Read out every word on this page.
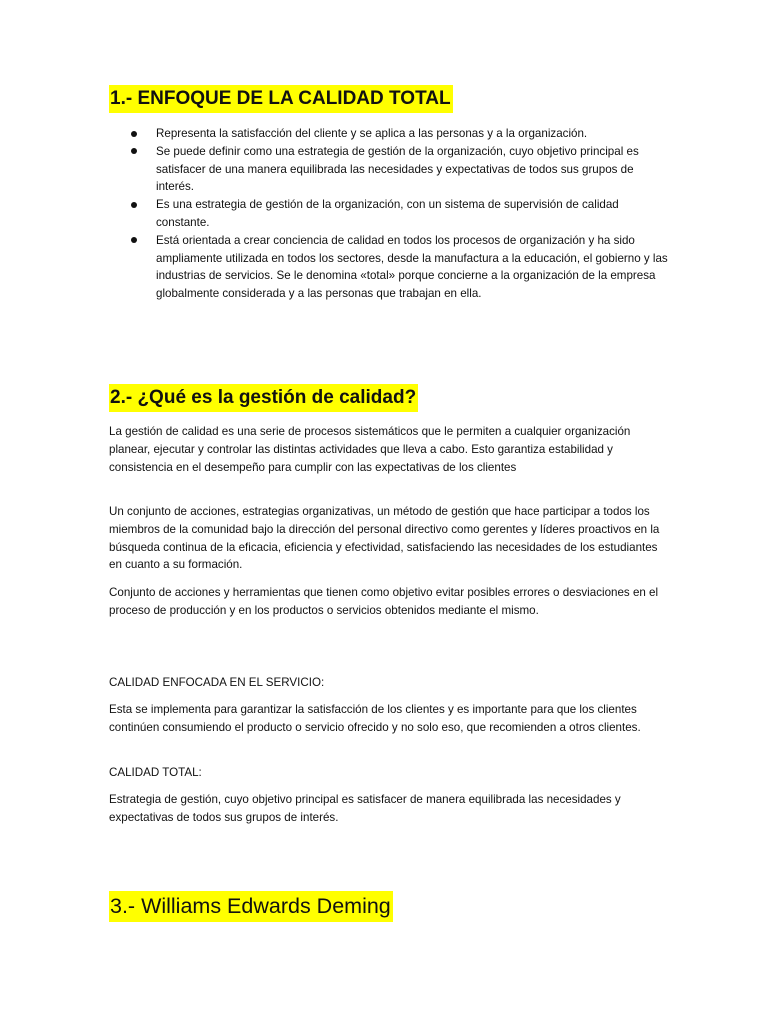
1.- ENFOQUE DE LA CALIDAD TOTAL
Representa la satisfacción del cliente y se aplica a las personas y a la organización.
Se puede definir como una estrategia de gestión de la organización, cuyo objetivo principal es satisfacer de una manera equilibrada las necesidades y expectativas de todos sus grupos de interés.
Es una estrategia de gestión de la organización, con un sistema de supervisión de calidad constante.
Está orientada a crear conciencia de calidad en todos los procesos de organización y ha sido ampliamente utilizada en todos los sectores, desde la manufactura a la educación, el gobierno y las industrias de servicios. Se le denomina «total» porque concierne a la organización de la empresa globalmente considerada y a las personas que trabajan en ella.
2.- ¿Qué es la gestión de calidad?

La gestión de calidad es una serie de procesos sistemáticos que le permiten a cualquier organización planear, ejecutar y controlar las distintas actividades que lleva a cabo. Esto garantiza estabilidad y consistencia en el desempeño para cumplir con las expectativas de los clientes

Un conjunto de acciones, estrategias organizativas, un método de gestión que hace participar a todos los miembros de la comunidad bajo la dirección del personal directivo como gerentes y líderes proactivos en la búsqueda continua de la eficacia, eficiencia y efectividad, satisfaciendo las necesidades de los estudiantes en cuanto a su formación.

Conjunto de acciones y herramientas que tienen como objetivo evitar posibles errores o desviaciones en el proceso de producción y en los productos o servicios obtenidos mediante el mismo.

CALIDAD ENFOCADA EN EL SERVICIO:

Esta se implementa para garantizar la satisfacción de los clientes y es importante para que los clientes continúen consumiendo el producto o servicio ofrecido y no solo eso, que recomienden a otros clientes.

CALIDAD TOTAL:

Estrategia de gestión, cuyo objetivo principal es satisfacer de manera equilibrada las necesidades y expectativas de todos sus grupos de interés.

3.- Williams Edwards Deming
